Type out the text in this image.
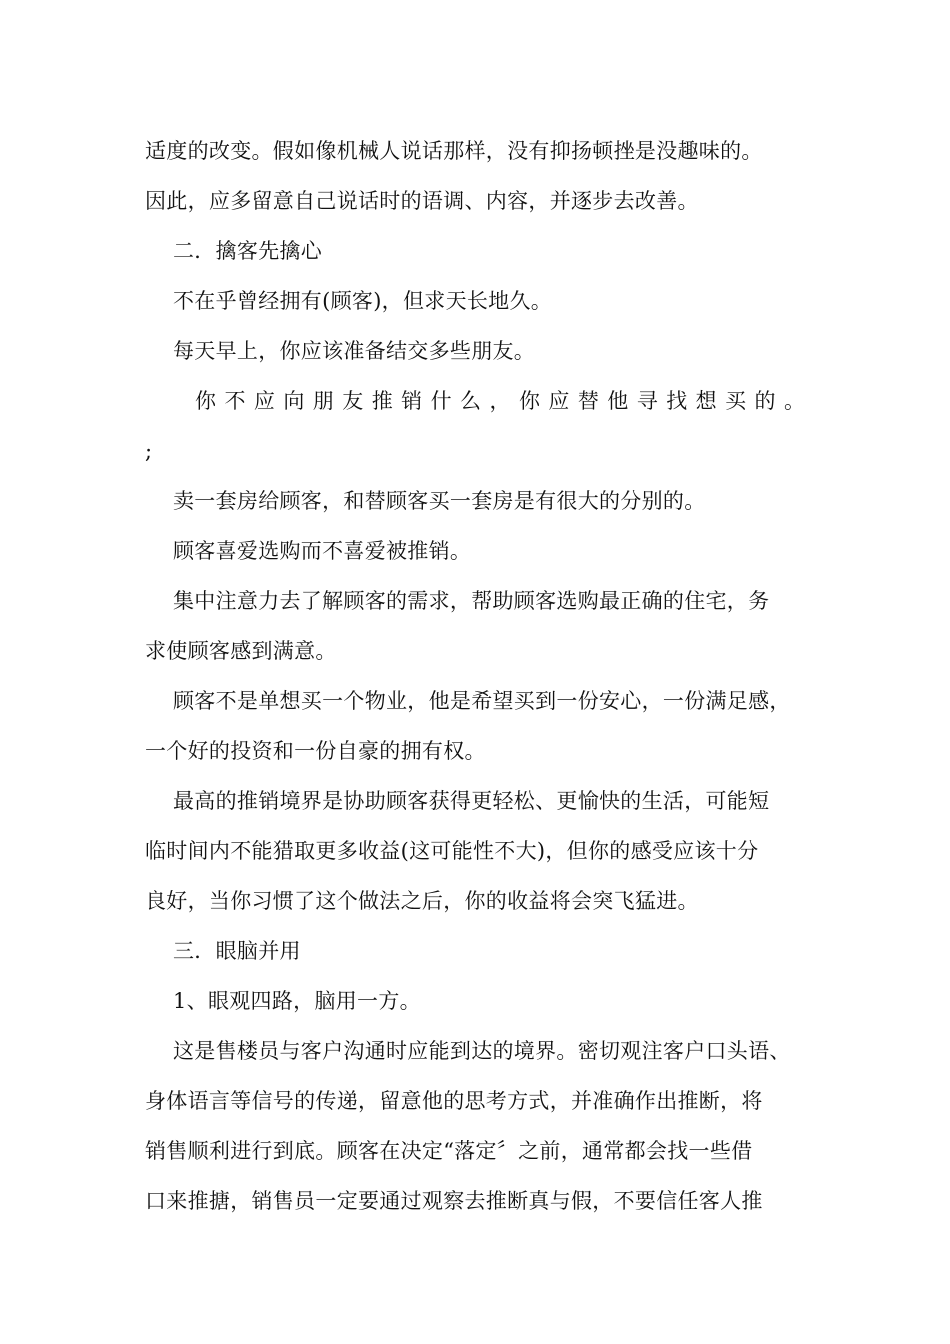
适度的改变。假如像机械人说话那样，没有抑扬顿挫是没趣味的。
因此，应多留意自己说话时的语调、内容，并逐步去改善。
二．擒客先擒心
不在乎曾经拥有(顾客)，但求天长地久。
每天早上，你应该准备结交多些朋友。
你 不 应 向 朋 友 推 销 什 么 ， 你 应 替 他 寻 找 想 买 的 。
;
卖一套房给顾客，和替顾客买一套房是有很大的分别的。
顾客喜爱选购而不喜爱被推销。
集中注意力去了解顾客的需求，帮助顾客选购最正确的住宅，务
求使顾客感到满意。
顾客不是单想买一个物业，他是希望买到一份安心，一份满足感，
一个好的投资和一份自豪的拥有权。
最高的推销境界是协助顾客获得更轻松、更愉快的生活，可能短
临时间内不能猎取更多收益(这可能性不大)，但你的感受应该十分
良好，当你习惯了这个做法之后，你的收益将会突飞猛进。
三．眼脑并用
1、眼观四路，脑用一方。
这是售楼员与客户沟通时应能到达的境界。密切观注客户口头语、
身体语言等信号的传递，留意他的思考方式，并准确作出推断，将
销售顺利进行到底。顾客在决定“落定〞之前，通常都会找一些借
口来推搪，销售员一定要通过观察去推断真与假，不要信任客人推
